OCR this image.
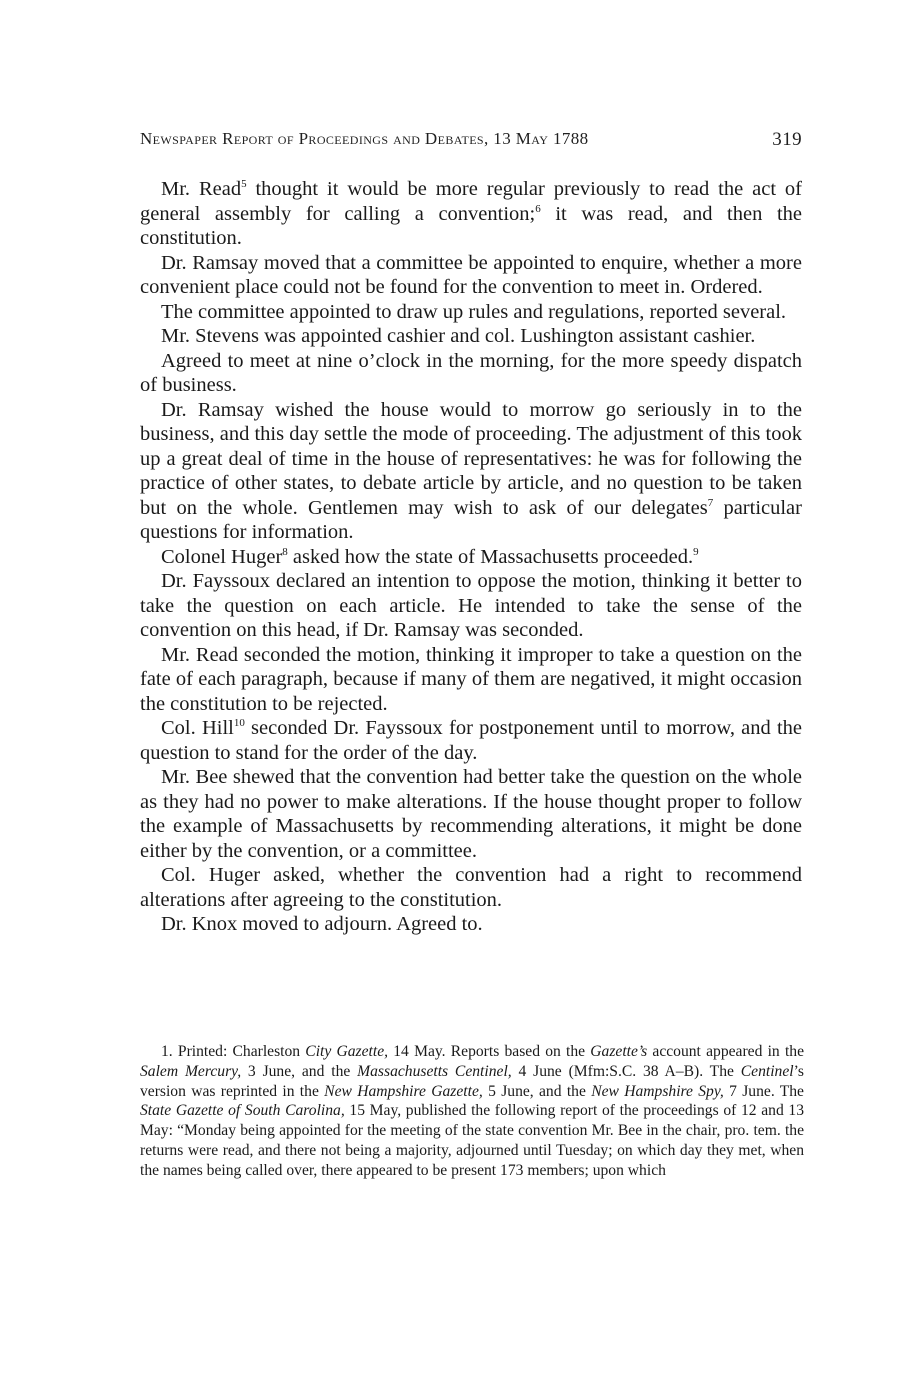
Newspaper Report of Proceedings and Debates, 13 May 1788	319

Mr. Read$^5$ thought it would be more regular previously to read the act of general assembly for calling a convention;$^6$ it was read, and then the constitution.

Dr. Ramsay moved that a committee be appointed to enquire, whether a more convenient place could not be found for the convention to meet in. Ordered.

The committee appointed to draw up rules and regulations, reported several.

Mr. Stevens was appointed cashier and col. Lushington assistant cashier.

Agreed to meet at nine o’clock in the morning, for the more speedy dispatch of business.

Dr. Ramsay wished the house would to morrow go seriously in to the business, and this day settle the mode of proceeding. The adjustment of this took up a great deal of time in the house of representatives: he was for following the practice of other states, to debate article by article, and no question to be taken but on the whole. Gentlemen may wish to ask of our delegates$^7$ particular questions for information.

Colonel Huger$^8$ asked how the state of Massachusetts proceeded.$^9$

Dr. Fayssoux declared an intention to oppose the motion, thinking it better to take the question on each article. He intended to take the sense of the convention on this head, if Dr. Ramsay was seconded.

Mr. Read seconded the motion, thinking it improper to take a question on the fate of each paragraph, because if many of them are negatived, it might occasion the constitution to be rejected.

Col. Hill$^{10}$ seconded Dr. Fayssoux for postponement until to morrow, and the question to stand for the order of the day.

Mr. Bee shewed that the convention had better take the question on the whole as they had no power to make alterations. If the house thought proper to follow the example of Massachusetts by recommending alterations, it might be done either by the convention, or a committee.

Col. Huger asked, whether the convention had a right to recommend alterations after agreeing to the constitution.

Dr. Knox moved to adjourn. Agreed to.

1. Printed: Charleston City Gazette, 14 May. Reports based on the Gazette’s account appeared in the Salem Mercury, 3 June, and the Massachusetts Centinel, 4 June (Mfm:S.C. 38 A–B). The Centinel’s version was reprinted in the New Hampshire Gazette, 5 June, and the New Hampshire Spy, 7 June. The State Gazette of South Carolina, 15 May, published the following report of the proceedings of 12 and 13 May: “Monday being appointed for the meeting of the state convention Mr. Bee in the chair, pro. tem. the returns were read, and there not being a majority, adjourned until Tuesday; on which day they met, when the names being called over, there appeared to be present 173 members; upon which
